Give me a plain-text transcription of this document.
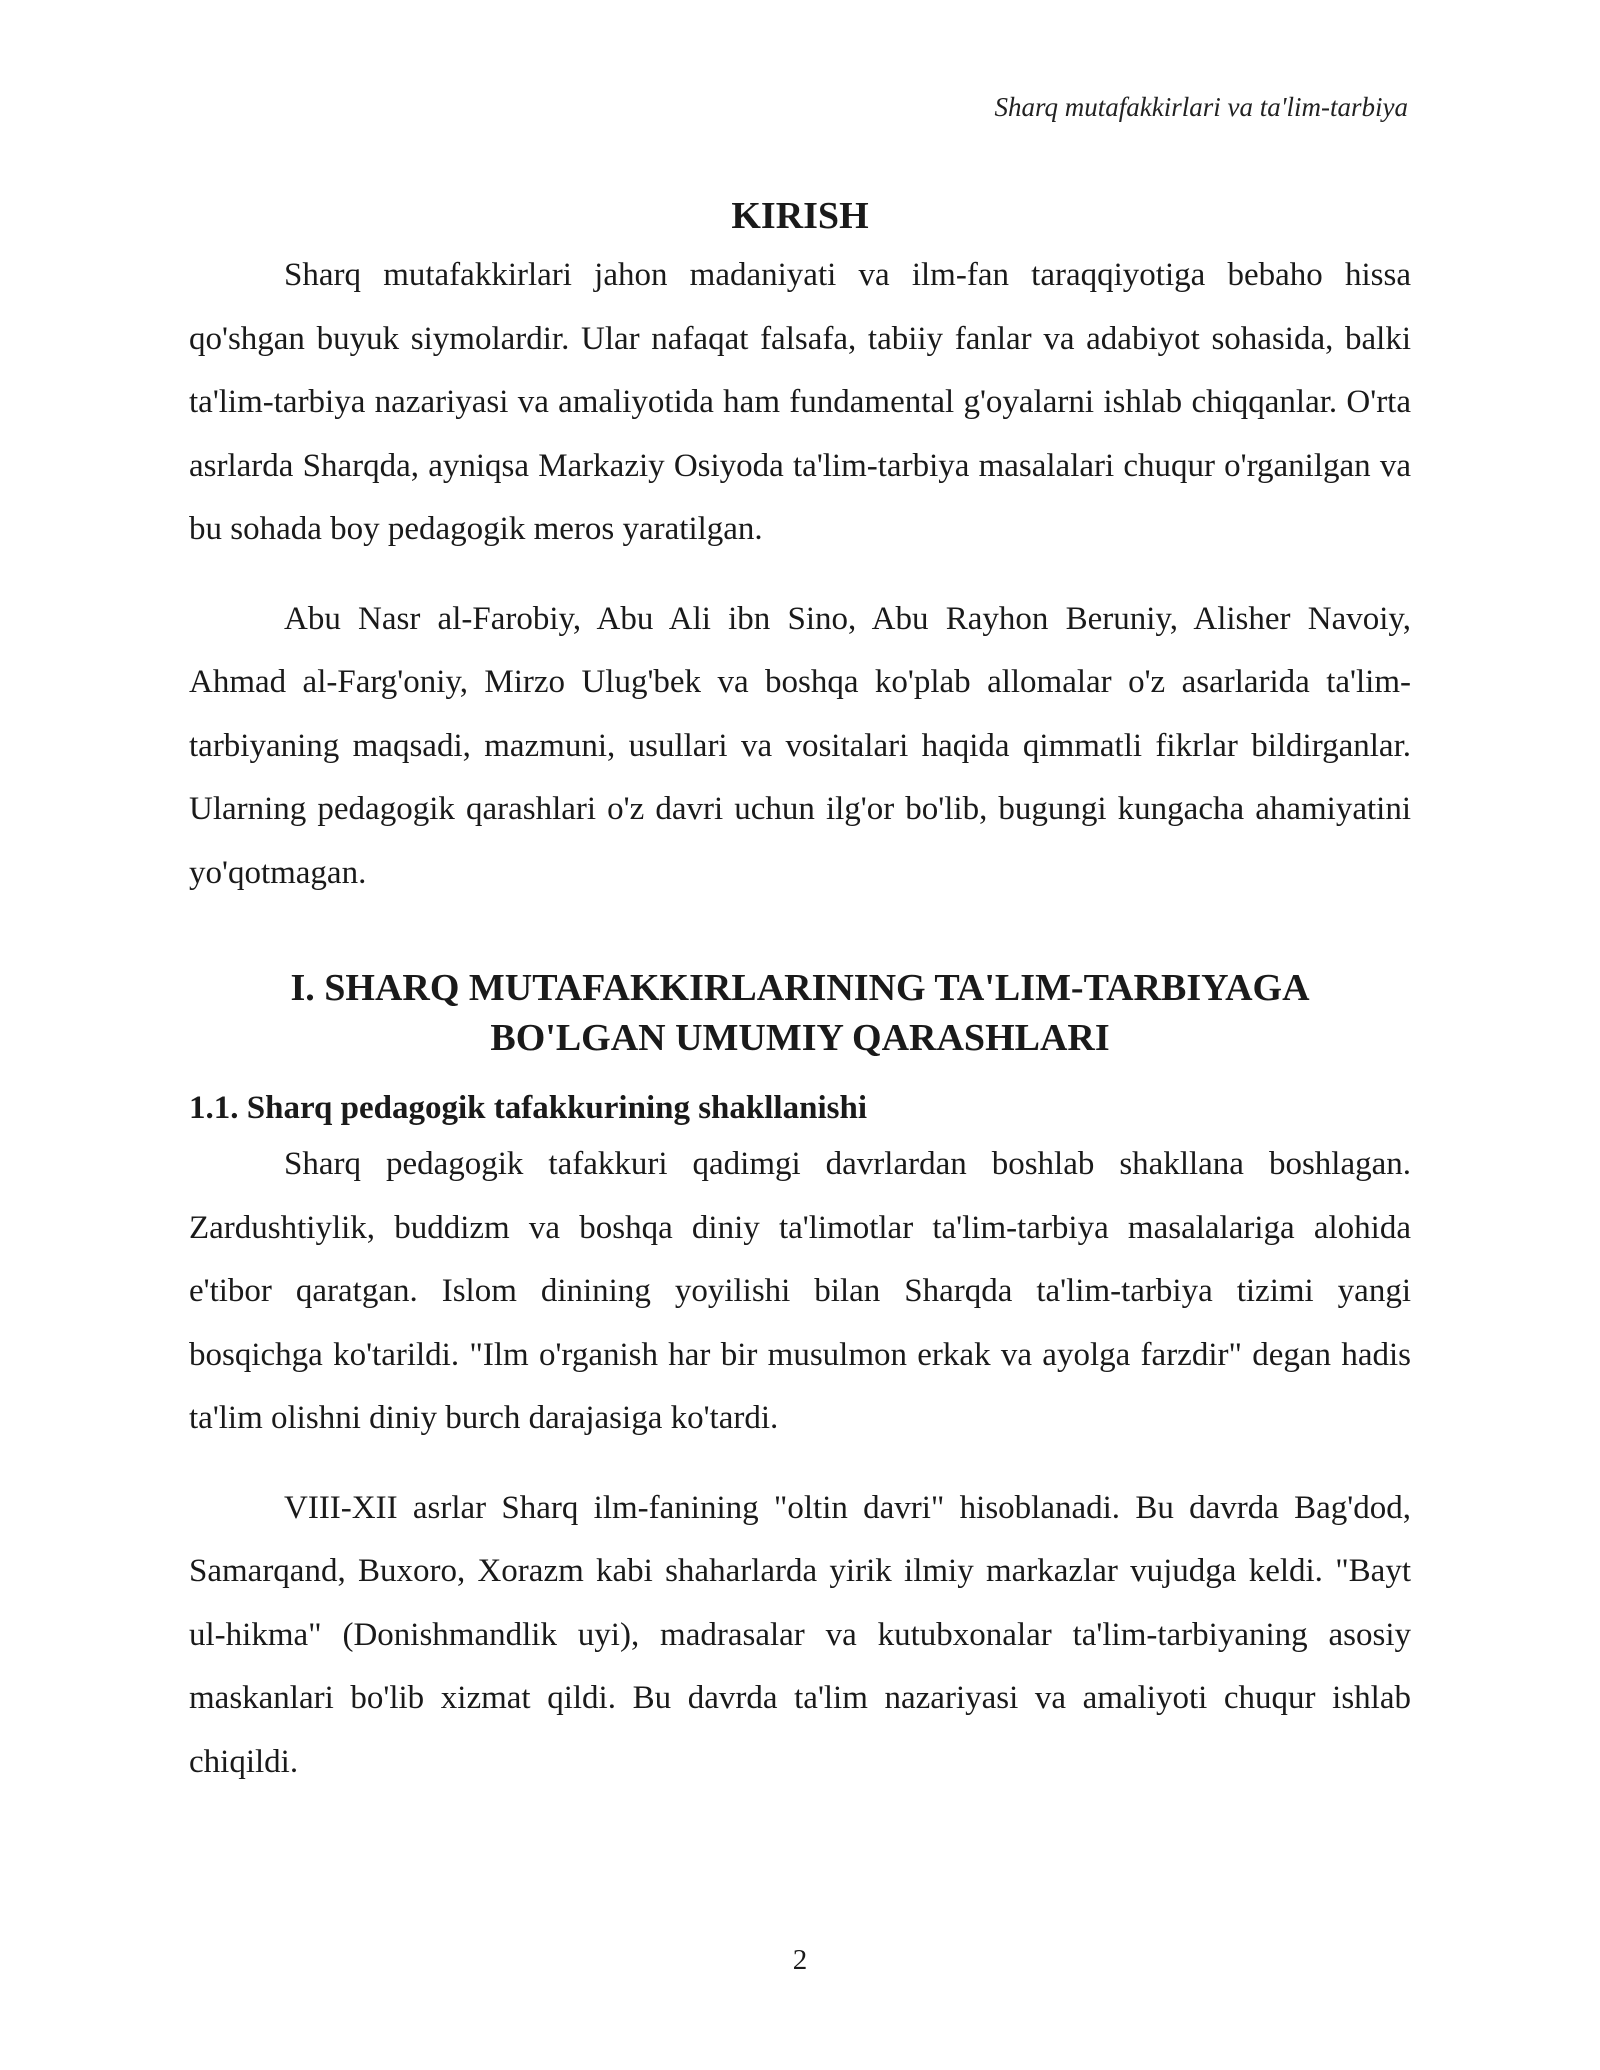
Sharq mutafakkirlari va ta'lim-tarbiya
KIRISH

Sharq mutafakkirlari jahon madaniyati va ilm-fan taraqqiyotiga bebaho hissa qo'shgan buyuk siymolardir. Ular nafaqat falsafa, tabiiy fanlar va adabiyot sohasida, balki ta'lim-tarbiya nazariyasi va amaliyotida ham fundamental g'oyalarni ishlab chiqqanlar. O'rta asrlarda Sharqda, ayniqsa Markaziy Osiyoda ta'lim-tarbiya masalalari chuqur o'rganilgan va bu sohada boy pedagogik meros yaratilgan.

Abu Nasr al-Farobiy, Abu Ali ibn Sino, Abu Rayhon Beruniy, Alisher Navoiy, Ahmad al-Farg'oniy, Mirzo Ulug'bek va boshqa ko'plab allomalar o'z asarlarida ta'lim-tarbiyaning maqsadi, mazmuni, usullari va vositalari haqida qimmatli fikrlar bildirganlar. Ularning pedagogik qarashlari o'z davri uchun ilg'or bo'lib, bugungi kungacha ahamiyatini yo'qotmagan.

I. SHARQ MUTAFAKKIRLARINING TA'LIM-TARBIYAGA
BO'LGAN UMUMIY QARASHLARI
1.1. Sharq pedagogik tafakkurining shakllanishi

Sharq pedagogik tafakkuri qadimgi davrlardan boshlab shakllana boshlagan. Zardushtiylik, buddizm va boshqa diniy ta'limotlar ta'lim-tarbiya masalalariga alohida e'tibor qaratgan. Islom dinining yoyilishi bilan Sharqda ta'lim-tarbiya tizimi yangi bosqichga ko'tarildi. "Ilm o'rganish har bir musulmon erkak va ayolga farzdir" degan hadis ta'lim olishni diniy burch darajasiga ko'tardi.

VIII-XII asrlar Sharq ilm-fanining "oltin davri" hisoblanadi. Bu davrda Bag'dod, Samarqand, Buxoro, Xorazm kabi shaharlarda yirik ilmiy markazlar vujudga keldi. "Bayt ul-hikma" (Donishmandlik uyi), madrasalar va kutubxonalar ta'lim-tarbiyaning asosiy maskanlari bo'lib xizmat qildi. Bu davrda ta'lim nazariyasi va amaliyoti chuqur ishlab chiqildi.

2
